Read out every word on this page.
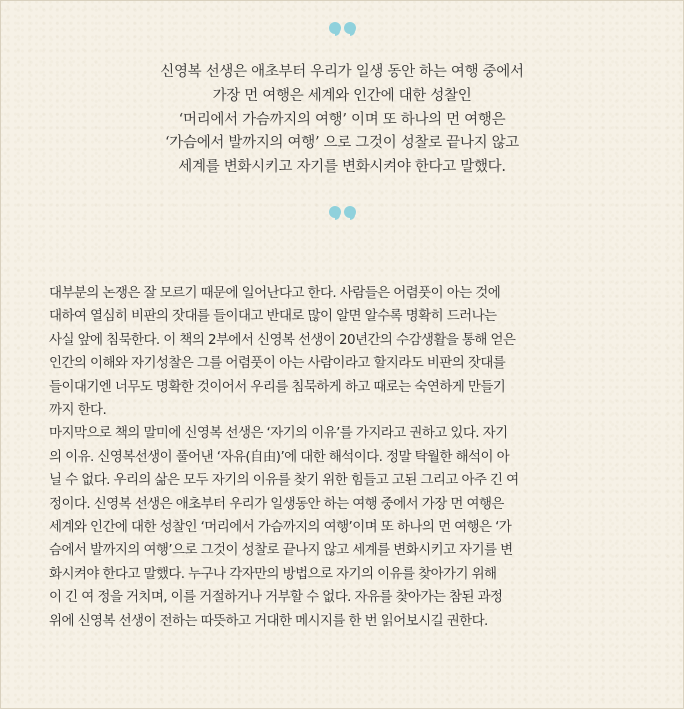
신영복 선생은 애초부터 우리가 일생 동안 하는 여행 중에서
가장 먼 여행은 세계와 인간에 대한 성찰인
‘머리에서 가슴까지의 여행’ 이며 또 하나의 먼 여행은
‘가슴에서 발까지의 여행’ 으로 그것이 성찰로 끝나지 않고
세계를 변화시키고 자기를 변화시켜야 한다고 말했다.
대부분의 논쟁은 잘 모르기 때문에 일어난다고 한다. 사람들은 어렴풋이 아는 것에
대하여 열심히 비판의 잣대를 들이대고 반대로 많이 알면 알수록 명확히 드러나는
사실 앞에 침묵한다. 이 책의 2부에서 신영복 선생이 20년간의 수감생활을 통해 얻은
인간의 이해와 자기성찰은 그를 어렴풋이 아는 사람이라고 할지라도 비판의 잣대를
들이대기엔 너무도 명확한 것이어서 우리를 침묵하게 하고 때로는 숙연하게 만들기
까지 한다.
마지막으로 책의 말미에 신영복 선생은 ‘자기의 이유’를 가지라고 권하고 있다. 자기
의 이유. 신영복선생이 풀어낸 ‘자유(自由)’에 대한 해석이다. 정말 탁월한 해석이 아
닐 수 없다. 우리의 삶은 모두 자기의 이유를 찾기 위한 힘들고 고된 그리고 아주 긴 여
정이다. 신영복 선생은 애초부터 우리가 일생동안 하는 여행 중에서 가장 먼 여행은
세계와 인간에 대한 성찰인 ‘머리에서 가슴까지의 여행’이며 또 하나의 먼 여행은 ‘가
슴에서 발까지의 여행’으로 그것이 성찰로 끝나지 않고 세계를 변화시키고 자기를 변
화시켜야 한다고 말했다. 누구나 각자만의 방법으로 자기의 이유를 찾아가기 위해
이 긴 여 정을 거치며, 이를 거절하거나 거부할 수 없다. 자유를 찾아가는 참된 과정
위에 신영복 선생이 전하는 따뜻하고 거대한 메시지를 한 번 읽어보시길 권한다.
